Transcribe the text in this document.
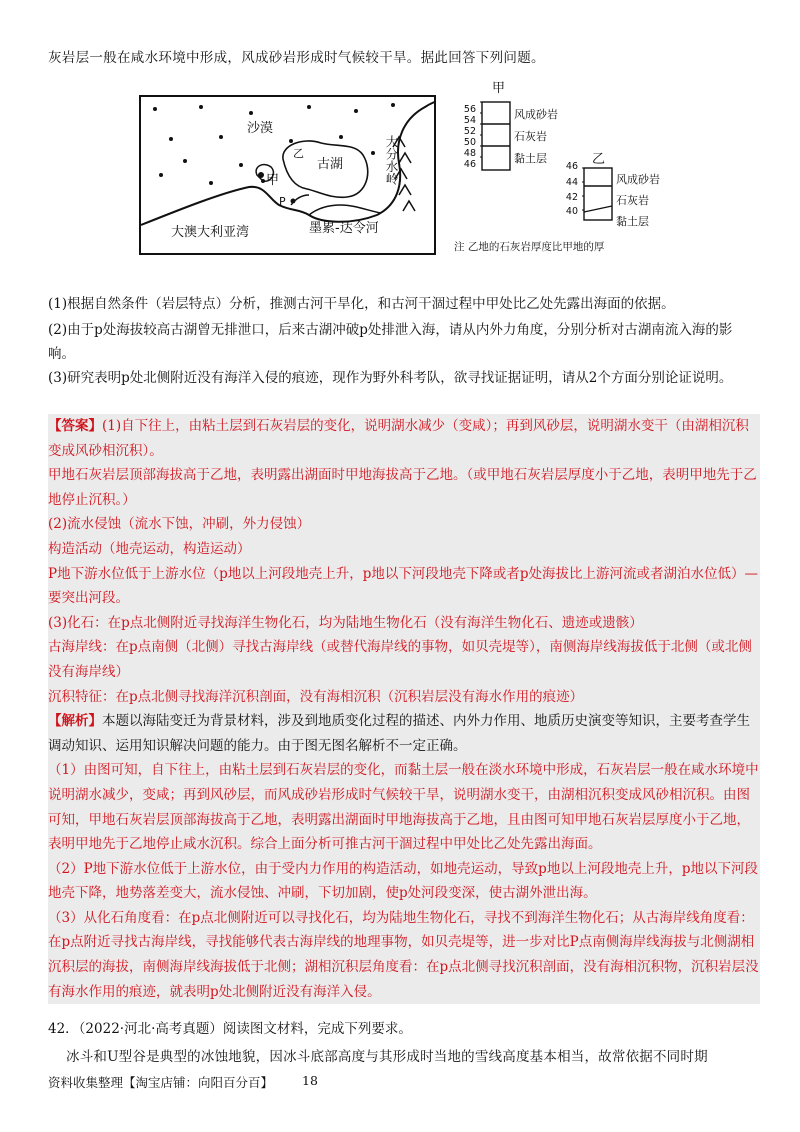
灰岩层一般在咸水环境中形成，风成砂岩形成时气候较干旱。据此回答下列问题。
沙漠
古湖
甲
乙
P
大澳大利亚湾	墨累-达令河
大分水岭
甲
56
54
52
50
48
46
风成砂岩
石灰岩
黏土层	乙
46
44
42
40
风成砂岩
石灰岩
黏土层
注 乙地的石灰岩厚度比甲地的厚
(1)根据自然条件（岩层特点）分析，推测古河干旱化，和古河干涸过程中甲处比乙处先露出海面的依据。
(2)由于p处海拔较高古湖曾无排泄口，后来古湖冲破p处排泄入海，请从内外力角度，分别分析对古湖南流入海的影响。
(3)研究表明p处北侧附近没有海洋入侵的痕迹，现作为野外科考队，欲寻找证据证明，请从2个方面分别论证说明。

【答案】(1)自下往上，由粘土层到石灰岩层的变化，说明湖水减少（变咸）；再到风砂层，说明湖水变干（由湖相沉积变成风砂相沉积）。

甲地石灰岩层顶部海拔高于乙地，表明露出湖面时甲地海拔高于乙地。（或甲地石灰岩层厚度小于乙地，表明甲地先于乙地停止沉积。）

(2)流水侵蚀（流水下蚀，冲刷，外力侵蚀）

构造活动（地壳运动，构造运动）

P地下游水位低于上游水位（p地以上河段地壳上升，p地以下河段地壳下降或者p处海拔比上游河流或者湖泊水位低）—要突出河段。

(3)化石：在p点北侧附近寻找海洋生物化石，均为陆地生物化石（没有海洋生物化石、遗迹或遗骸）

古海岸线：在p点南侧（北侧）寻找古海岸线（或替代海岸线的事物，如贝壳堤等），南侧海岸线海拔低于北侧（或北侧没有海岸线）

沉积特征：在p点北侧寻找海洋沉积剖面，没有海相沉积（沉积岩层没有海水作用的痕迹）

【解析】本题以海陆变迁为背景材料，涉及到地质变化过程的描述、内外力作用、地质历史演变等知识，主要考查学生调动知识、运用知识解决问题的能力。由于图无图名解析不一定正确。

（1）由图可知，自下往上，由粘土层到石灰岩层的变化，而黏土层一般在淡水环境中形成，石灰岩层一般在咸水环境中说明湖水减少，变咸；再到风砂层，而风成砂岩形成时气候较干旱，说明湖水变干，由湖相沉积变成风砂相沉积。由图可知，甲地石灰岩层顶部海拔高于乙地，表明露出湖面时甲地海拔高于乙地，且由图可知甲地石灰岩层厚度小于乙地，表明甲地先于乙地停止咸水沉积。综合上面分析可推古河干涸过程中甲处比乙处先露出海面。

（2）P地下游水位低于上游水位，由于受内力作用的构造活动，如地壳运动，导致p地以上河段地壳上升，p地以下河段地壳下降，地势落差变大，流水侵蚀、冲刷，下切加剧，使p处河段变深，使古湖外泄出海。

（3）从化石角度看：在p点北侧附近可以寻找化石，均为陆地生物化石，寻找不到海洋生物化石；从古海岸线角度看：在p点附近寻找古海岸线，寻找能够代表古海岸线的地理事物，如贝壳堤等，进一步对比P点南侧海岸线海拔与北侧湖相沉积层的海拔，南侧海岸线海拔低于北侧；湖相沉积层角度看：在p点北侧寻找沉积剖面，没有海相沉积物，沉积岩层没有海水作用的痕迹，就表明p处北侧附近没有海洋入侵。

42．（2022·河北·高考真题）阅读图文材料，完成下列要求。
冰斗和U型谷是典型的冰蚀地貌，因冰斗底部高度与其形成时当地的雪线高度基本相当，故常依据不同时期
资料收集整理【淘宝店铺：向阳百分百】 18
